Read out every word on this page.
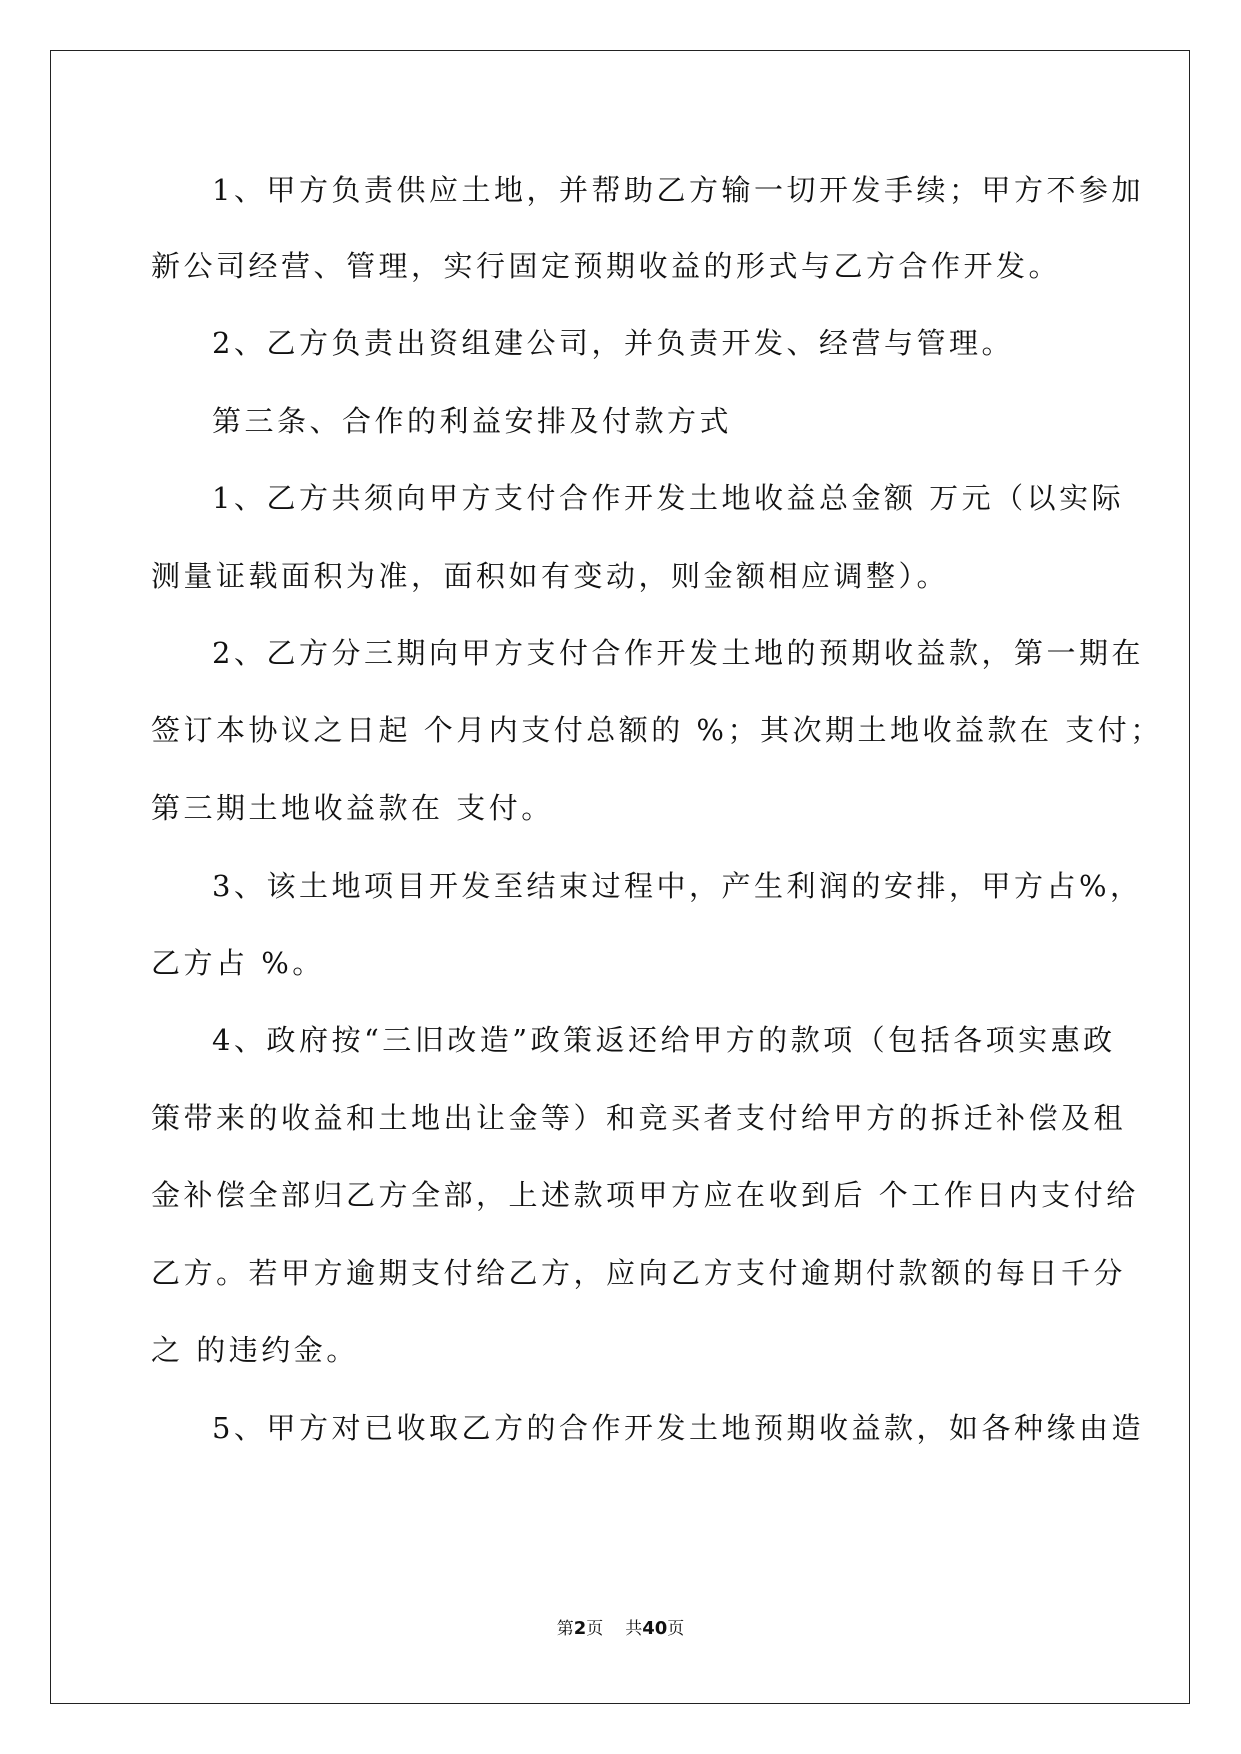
1、甲方负责供应土地，并帮助乙方输一切开发手续；甲方不参加
新公司经营、管理，实行固定预期收益的形式与乙方合作开发。
2、乙方负责出资组建公司，并负责开发、经营与管理。
第三条、合作的利益安排及付款方式
1、乙方共须向甲方支付合作开发土地收益总金额 万元（以实际
测量证载面积为准，面积如有变动，则金额相应调整）。
2、乙方分三期向甲方支付合作开发土地的预期收益款，第一期在
签订本协议之日起 个月内支付总额的 %；其次期土地收益款在 支付；
第三期土地收益款在 支付。
3、该土地项目开发至结束过程中，产生利润的安排，甲方占%，
乙方占 %。
4、政府按“三旧改造”政策返还给甲方的款项（包括各项实惠政
策带来的收益和土地出让金等）和竞买者支付给甲方的拆迁补偿及租
金补偿全部归乙方全部，上述款项甲方应在收到后 个工作日内支付给
乙方。若甲方逾期支付给乙方，应向乙方支付逾期付款额的每日千分
之 的违约金。
5、甲方对已收取乙方的合作开发土地预期收益款，如各种缘由造
第2页 共40页
